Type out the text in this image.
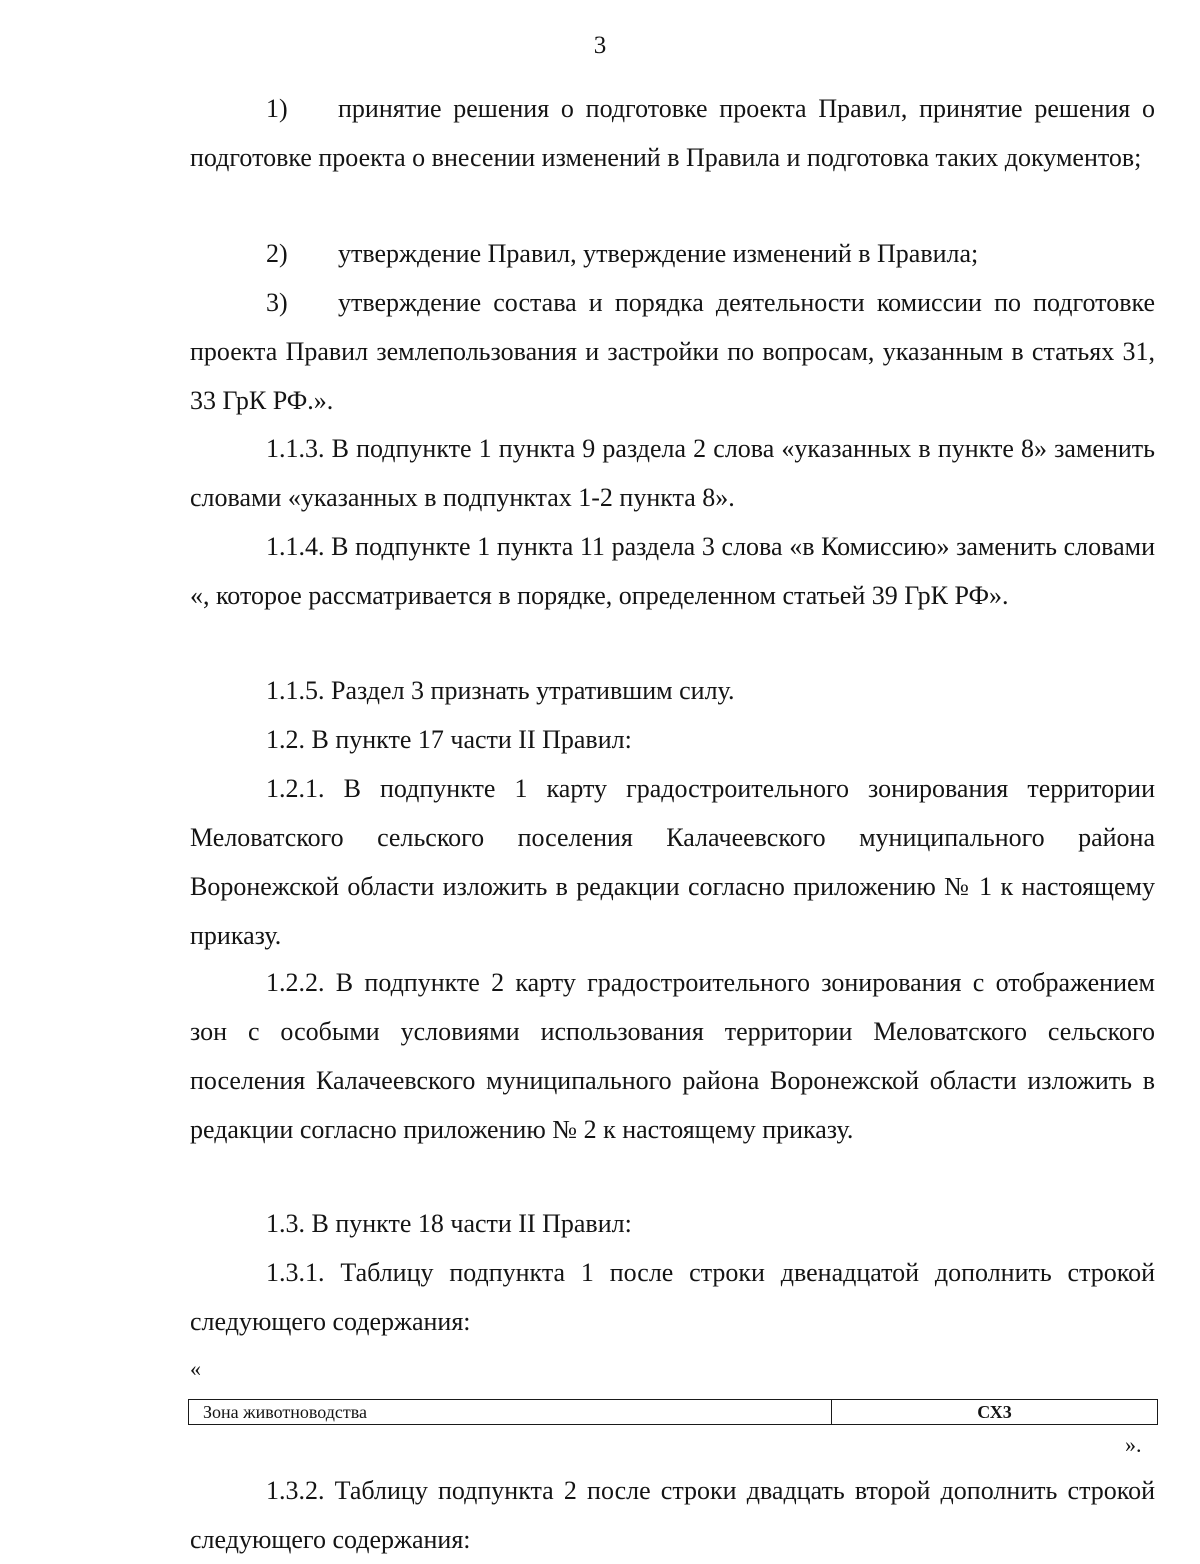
3
1) принятие решения о подготовке проекта Правил, принятие решения о подготовке проекта о внесении изменений в Правила и подготовка таких документов;
2) утверждение Правил, утверждение изменений в Правила;
3) утверждение состава и порядка деятельности комиссии по подготовке проекта Правил землепользования и застройки по вопросам, указанным в статьях 31, 33 ГрК РФ.».
1.1.3. В подпункте 1 пункта 9 раздела 2 слова «указанных в пункте 8» заменить словами «указанных в подпунктах 1-2 пункта 8».
1.1.4. В подпункте 1 пункта 11 раздела 3 слова «в Комиссию» заменить словами «, которое рассматривается в порядке, определенном статьей 39 ГрК РФ».
1.1.5. Раздел 3 признать утратившим силу.
1.2. В пункте 17 части II Правил:
1.2.1. В подпункте 1 карту градостроительного зонирования территории Меловатского сельского поселения Калачеевского муниципального района Воронежской области изложить в редакции согласно приложению № 1 к настоящему приказу.
1.2.2. В подпункте 2 карту градостроительного зонирования с отображением зон с особыми условиями использования территории Меловатского сельского поселения Калачеевского муниципального района Воронежской области изложить в редакции согласно приложению № 2 к настоящему приказу.
1.3. В пункте 18 части II Правил:
1.3.1. Таблицу подпункта 1 после строки двенадцатой дополнить строкой следующего содержания:
«
Зона животноводства	СХ3
».
1.3.2. Таблицу подпункта 2 после строки двадцать второй дополнить строкой следующего содержания:
